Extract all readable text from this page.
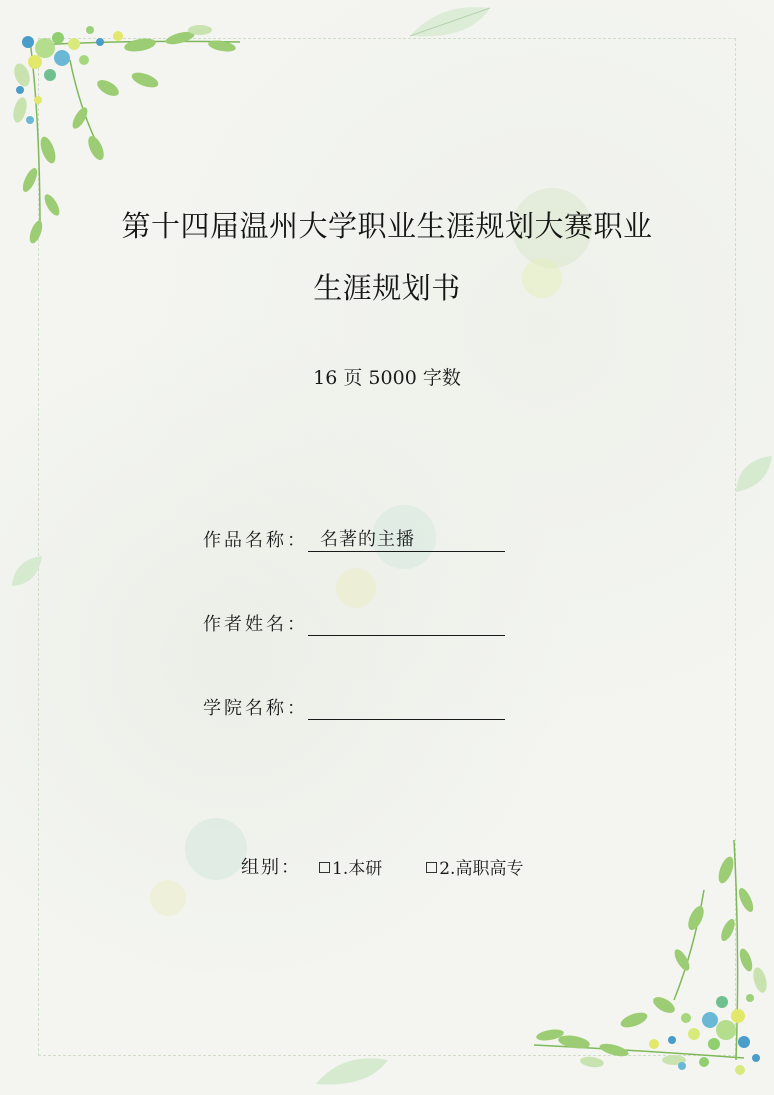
第十四届温州大学职业生涯规划大赛职业
生涯规划书
16 页 5000 字数
作品名称： 名著的主播
作者姓名：
学院名称：
组别： 1.本研	2.高职高专
